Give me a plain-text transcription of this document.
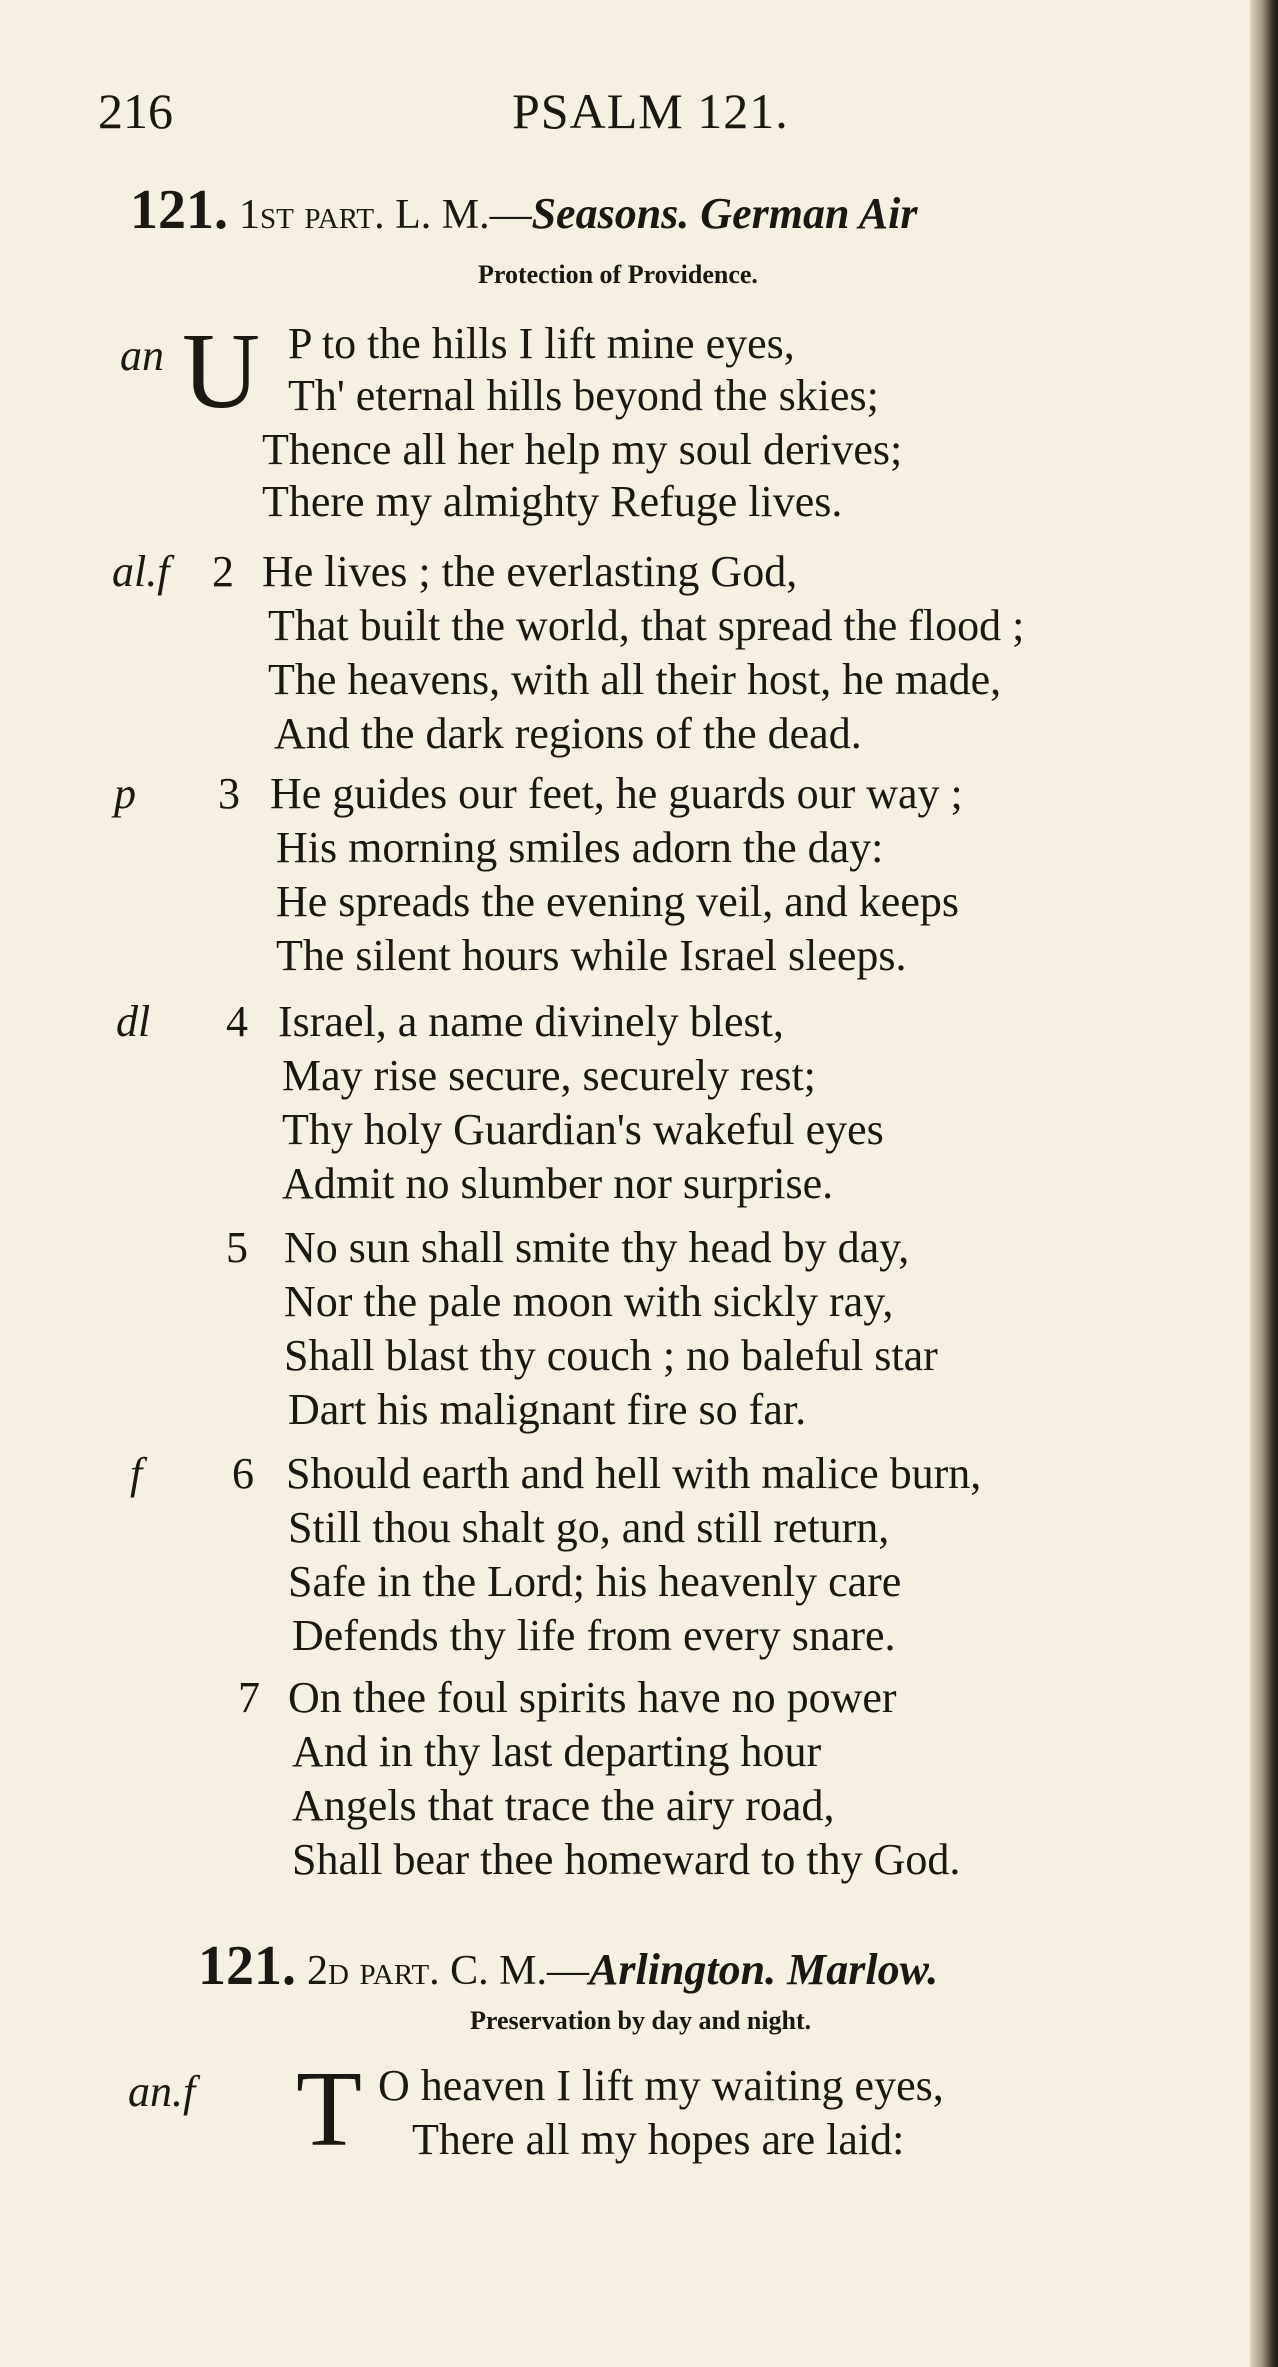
216	PSALM 121.
121. 1st part. L. M.—Seasons. German Air
Protection of Providence.
an U P to the hills I lift mine eyes,
Th' eternal hills beyond the skies;
Thence all her help my soul derives;
There my almighty Refuge lives.
al.f 2 He lives ; the everlasting God,
That built the world, that spread the flood ;
The heavens, with all their host, he made,
And the dark regions of the dead.
p 3 He guides our feet, he guards our way ;
His morning smiles adorn the day:
He spreads the evening veil, and keeps
The silent hours while Israel sleeps.
dl 4 Israel, a name divinely blest,
May rise secure, securely rest;
Thy holy Guardian's wakeful eyes
Admit no slumber nor surprise.
5 No sun shall smite thy head by day,
Nor the pale moon with sickly ray,
Shall blast thy couch ; no baleful star
Dart his malignant fire so far.
f 6 Should earth and hell with malice burn,
Still thou shalt go, and still return,
Safe in the Lord; his heavenly care
Defends thy life from every snare.
7 On thee foul spirits have no power
And in thy last departing hour
Angels that trace the airy road,
Shall bear thee homeward to thy God.
121. 2d part. C. M.—Arlington. Marlow.
Preservation by day and night.
an.f T O heaven I lift my waiting eyes,
There all my hopes are laid:
